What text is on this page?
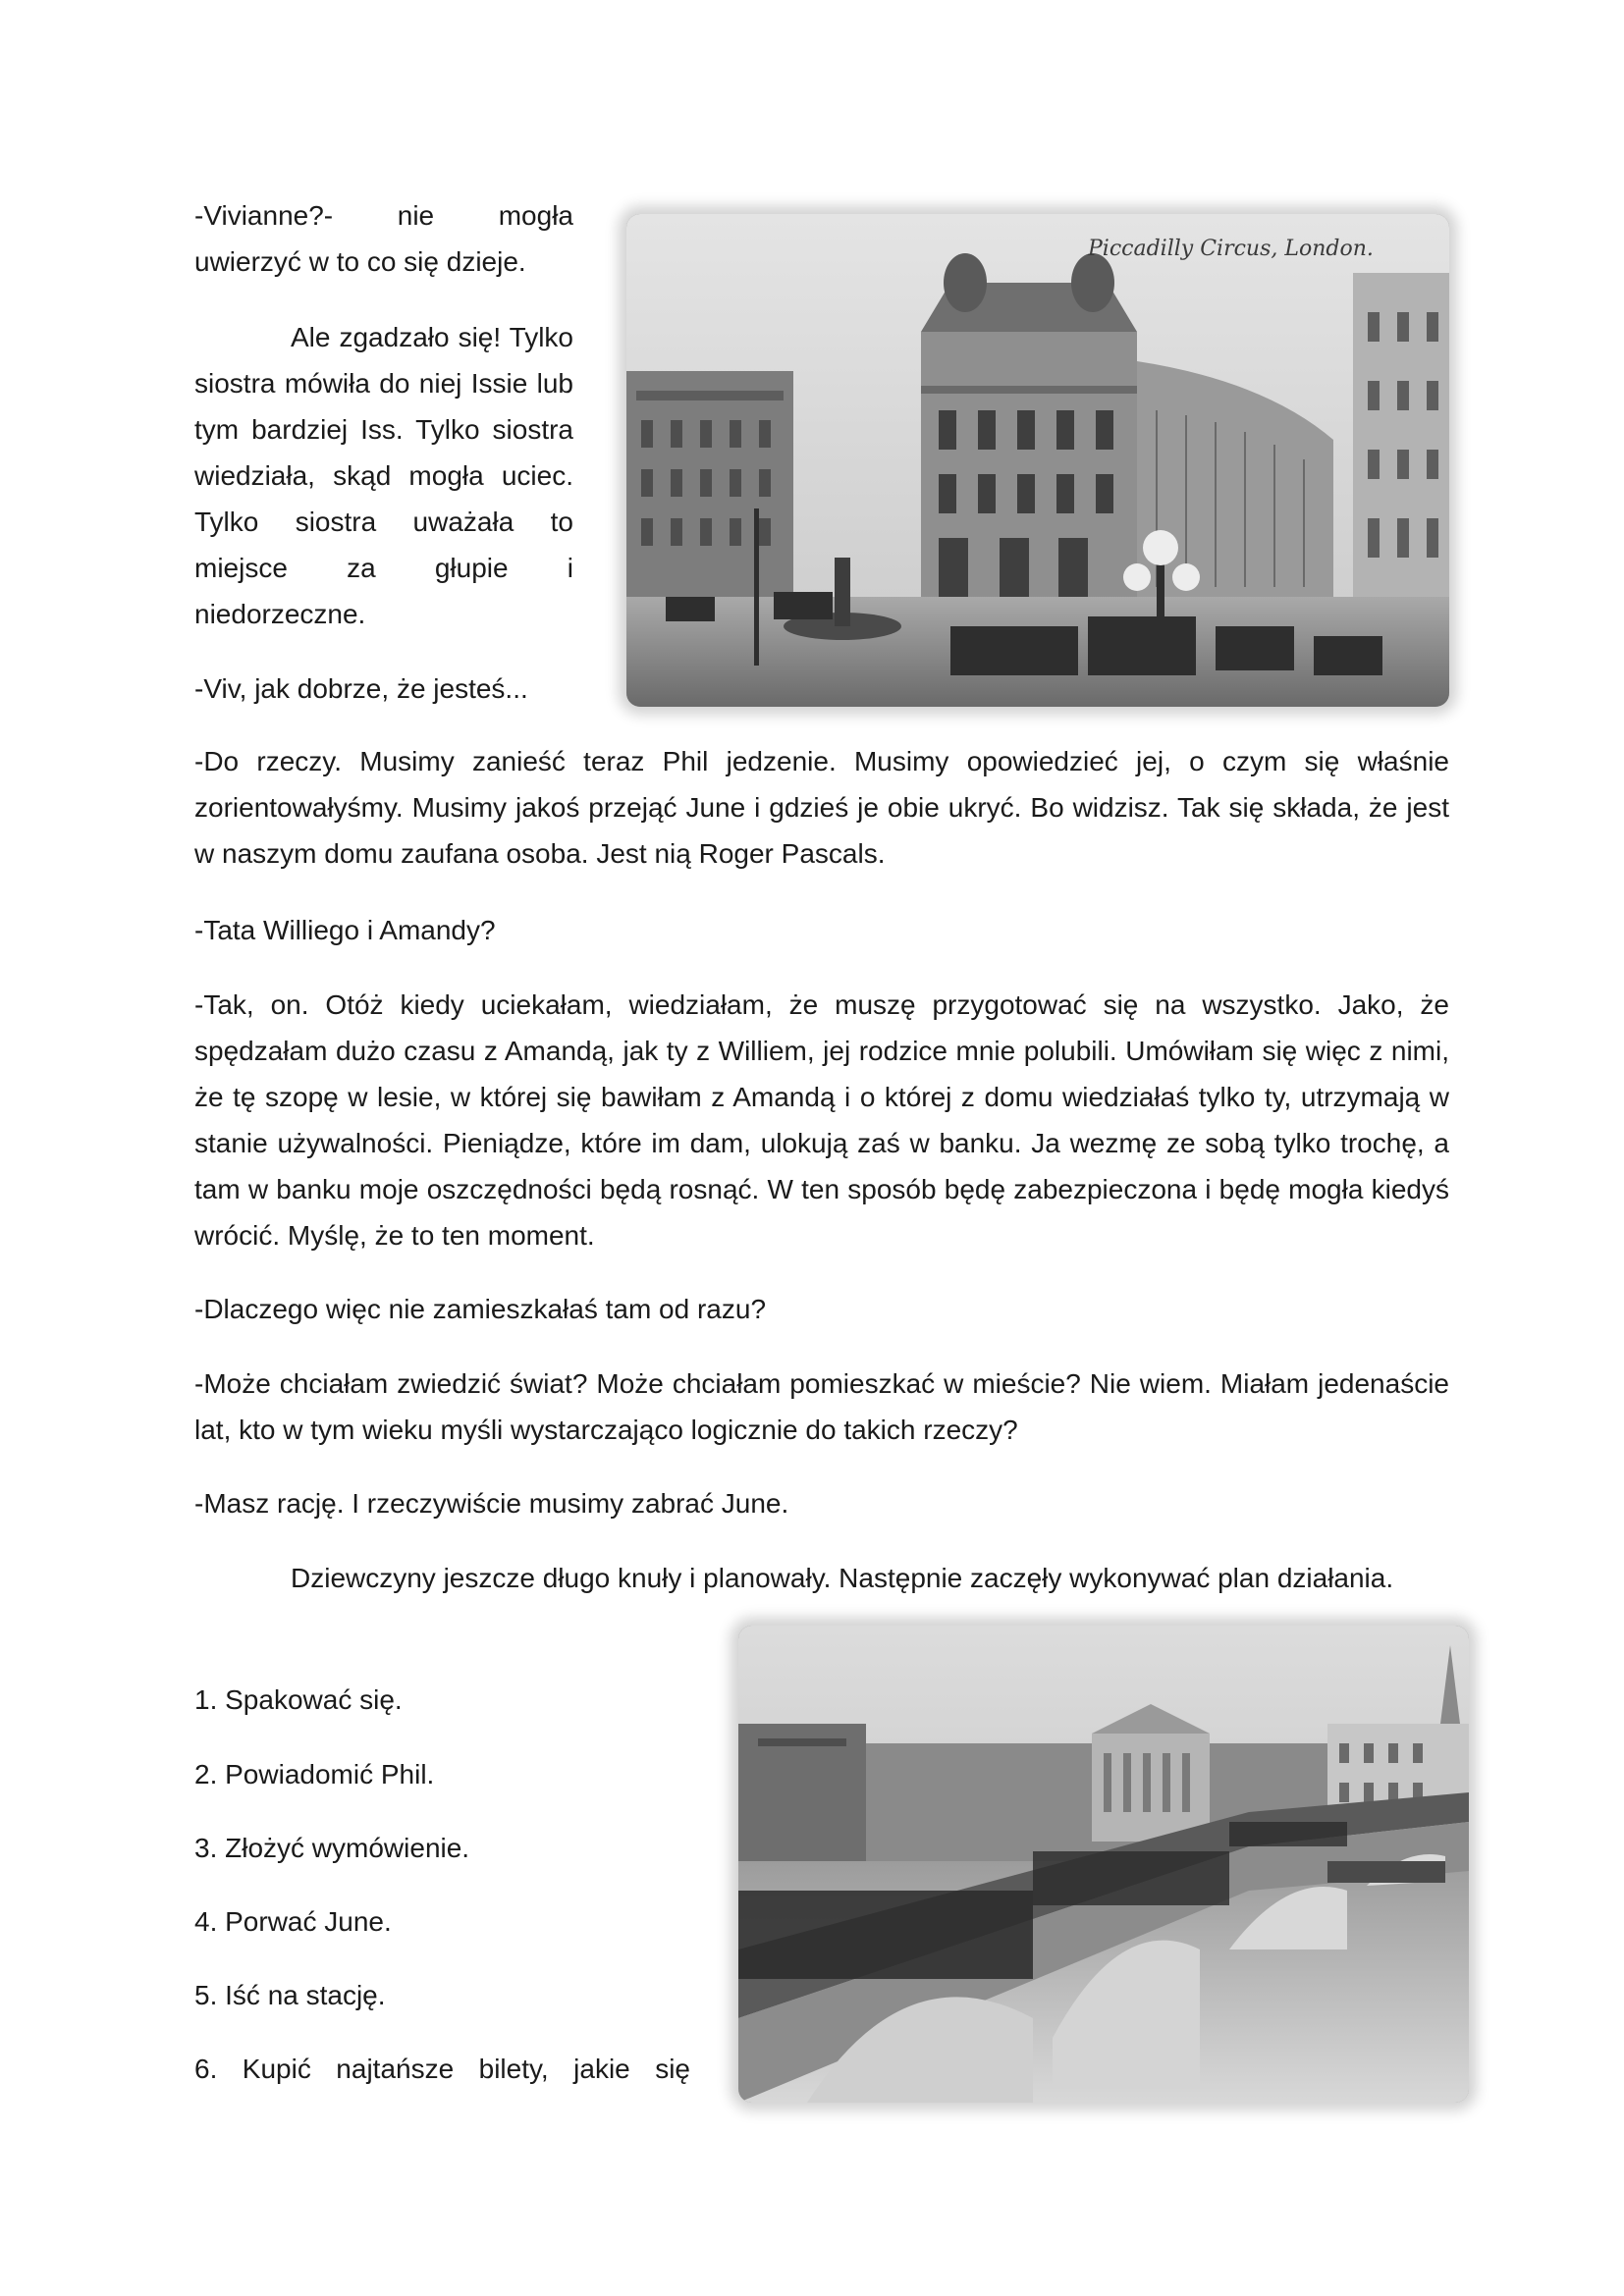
-Vivianne?- nie mogła uwierzyć w to co się dzieje.

Ale zgadzało się! Tylko siostra mówiła do niej Issie lub tym bardziej Iss. Tylko siostra wiedziała, skąd mogła uciec. Tylko siostra uważała to miejsce za głupie i niedorzeczne.

-Viv, jak dobrze, że jesteś...

Piccadilly Circus, London.

-Do rzeczy. Musimy zanieść teraz Phil jedzenie. Musimy opowiedzieć jej, o czym się właśnie zorientowałyśmy. Musimy jakoś przejąć June i gdzieś je obie ukryć. Bo widzisz. Tak się składa, że jest w naszym domu zaufana osoba. Jest nią Roger Pascals.

-Tata Williego i Amandy?

-Tak, on. Otóż kiedy uciekałam, wiedziałam, że muszę przygotować się na wszystko. Jako, że spędzałam dużo czasu z Amandą, jak ty z Williem, jej rodzice mnie polubili. Umówiłam się więc z nimi, że tę szopę w lesie, w której się bawiłam z Amandą i o której z domu wiedziałaś tylko ty, utrzymają w stanie używalności. Pieniądze, które im dam, ulokują zaś w banku. Ja wezmę ze sobą tylko trochę, a tam w banku moje oszczędności będą rosnąć. W ten sposób będę zabezpieczona i będę mogła kiedyś wrócić. Myślę, że to ten moment.

-Dlaczego więc nie zamieszkałaś tam od razu?

-Może chciałam zwiedzić świat? Może chciałam pomieszkać w mieście? Nie wiem. Miałam jedenaście lat, kto w tym wieku myśli wystarczająco logicznie do takich rzeczy?

-Masz rację. I rzeczywiście musimy zabrać June.

Dziewczyny jeszcze długo knuły i planowały. Następnie zaczęły wykonywać plan działania.

1. Spakować się.

2. Powiadomić Phil.

3. Złożyć wymówienie.

4. Porwać June.

5. Iść na stację.

6. Kupić najtańsze bilety, jakie się
